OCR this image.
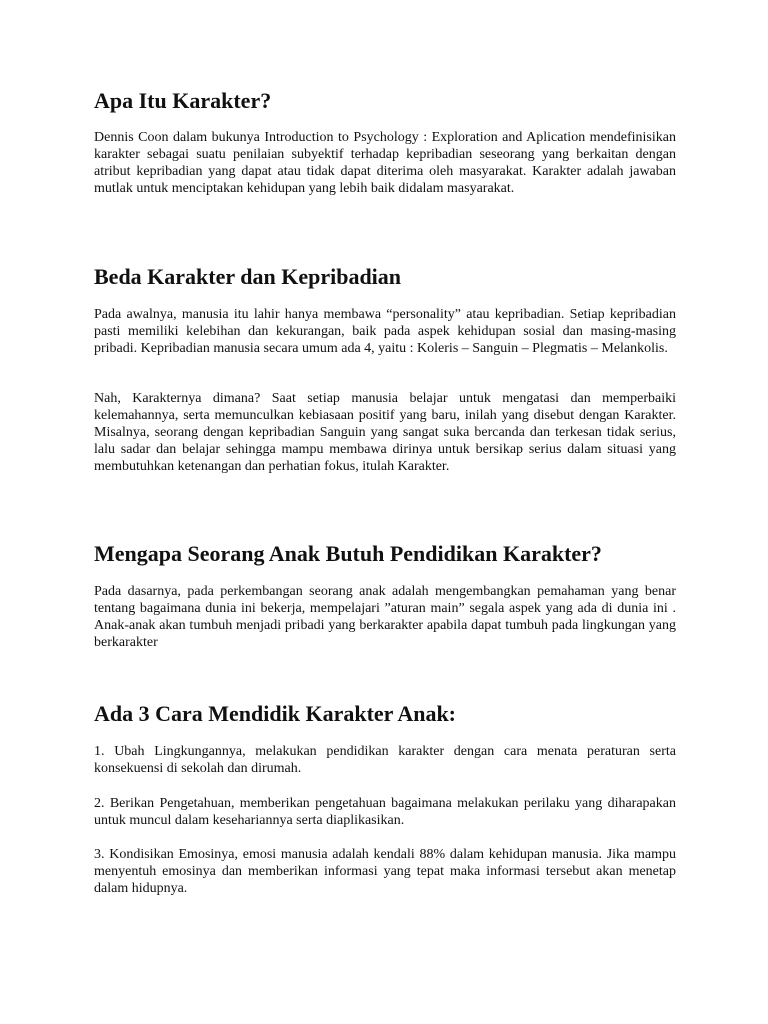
Apa Itu Karakter?

Dennis Coon dalam bukunya Introduction to Psychology : Exploration and Aplication mendefinisikan karakter sebagai suatu penilaian subyektif terhadap kepribadian seseorang yang berkaitan dengan atribut kepribadian yang dapat atau tidak dapat diterima oleh masyarakat. Karakter adalah jawaban mutlak untuk menciptakan kehidupan yang lebih baik didalam masyarakat.

Beda Karakter dan Kepribadian

Pada awalnya, manusia itu lahir hanya membawa “personality” atau kepribadian. Setiap kepribadian pasti memiliki kelebihan dan kekurangan, baik pada aspek kehidupan sosial dan masing-masing pribadi. Kepribadian manusia secara umum ada 4, yaitu : Koleris – Sanguin – Plegmatis – Melankolis.

Nah, Karakternya dimana? Saat setiap manusia belajar untuk mengatasi dan memperbaiki kelemahannya, serta memunculkan kebiasaan positif yang baru, inilah yang disebut dengan Karakter. Misalnya, seorang dengan kepribadian Sanguin yang sangat suka bercanda dan terkesan tidak serius, lalu sadar dan belajar sehingga mampu membawa dirinya untuk bersikap serius dalam situasi yang membutuhkan ketenangan dan perhatian fokus, itulah Karakter.

Mengapa Seorang Anak Butuh Pendidikan Karakter?

Pada dasarnya, pada perkembangan seorang anak adalah mengembangkan pemahaman yang benar tentang bagaimana dunia ini bekerja, mempelajari ”aturan main” segala aspek yang ada di dunia ini . Anak-anak akan tumbuh menjadi pribadi yang berkarakter apabila dapat tumbuh pada lingkungan yang berkarakter

Ada 3 Cara Mendidik Karakter Anak:

1. Ubah Lingkungannya, melakukan pendidikan karakter dengan cara menata peraturan serta konsekuensi di sekolah dan dirumah.

2. Berikan Pengetahuan, memberikan pengetahuan bagaimana melakukan perilaku yang diharapakan untuk muncul dalam kesehariannya serta diaplikasikan.

3. Kondisikan Emosinya, emosi manusia adalah kendali 88% dalam kehidupan manusia. Jika mampu menyentuh emosinya dan memberikan informasi yang tepat maka informasi tersebut akan menetap dalam hidupnya.
